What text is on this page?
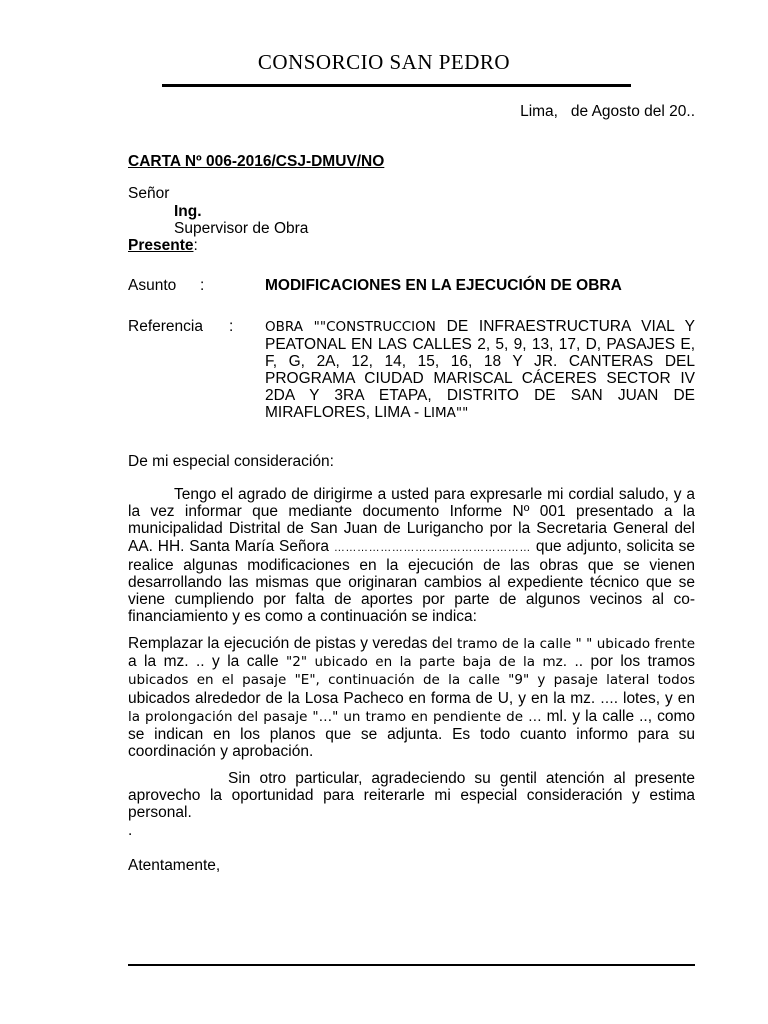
CONSORCIO SAN PEDRO
Lima,   de Agosto del 20..
CARTA Nº 006-2016/CSJ-DMUV/NO
Señor
Ing.
Supervisor de Obra
Presente:
Asunto :	MODIFICACIONES EN LA EJECUCIÓN DE OBRA
Referencia : OBRA ""CONSTRUCCION DE INFRAESTRUCTURA VIAL Y PEATONAL EN LAS CALLES 2, 5, 9, 13, 17, D, PASAJES E, F, G, 2A, 12, 14, 15, 16, 18 Y JR. CANTERAS DEL PROGRAMA CIUDAD MARISCAL CÁCERES SECTOR IV 2DA Y 3RA ETAPA, DISTRITO DE SAN JUAN DE MIRAFLORES, LIMA - LIMA""
De mi especial consideración:
Tengo el agrado de dirigirme a usted para expresarle mi cordial saludo, y a la vez informar que mediante documento Informe Nº 001 presentado a la municipalidad Distrital de San Juan de Lurigancho por la Secretaria General del AA. HH. Santa María Señora …………………………………………… que adjunto, solicita se realice algunas modificaciones en la ejecución de las obras que se vienen desarrollando las mismas que originaran cambios al expediente técnico que se viene cumpliendo por falta de aportes por parte de algunos vecinos al co-financiamiento y es como a continuación se indica:
Remplazar la ejecución de pistas y veredas del tramo de la calle " " ubicado frente a la mz. .. y la calle "2" ubicado en la parte baja de la mz. .. por los tramos ubicados en el pasaje "E", continuación de la calle "9" y pasaje lateral todos ubicados alrededor de la Losa Pacheco en forma de U, y en la mz. …. lotes, y en la prolongación del pasaje "…" un tramo en pendiente de … ml. y la calle .., como se indican en los planos que se adjunta. Es todo cuanto informo para su coordinación y aprobación.
Sin otro particular, agradeciendo su gentil atención al presente aprovecho la oportunidad para reiterarle mi especial consideración y estima personal.
.
Atentamente,
